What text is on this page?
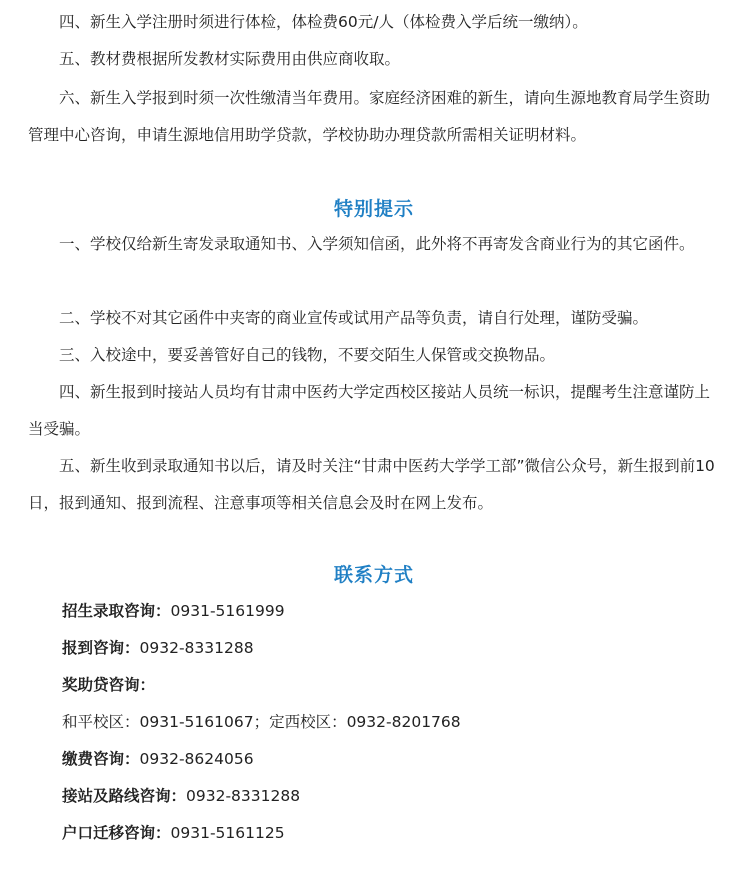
四、新生入学注册时须进行体检，体检费60元/人（体检费入学后统一缴纳）。

五、教材费根据所发教材实际费用由供应商收取。

六、新生入学报到时须一次性缴清当年费用。家庭经济困难的新生，请向生源地教育局学生资助管理中心咨询，申请生源地信用助学贷款，学校协助办理贷款所需相关证明材料。

特别提示

一、学校仅给新生寄发录取通知书、入学须知信函，此外将不再寄发含商业行为的其它函件。

二、学校不对其它函件中夹寄的商业宣传或试用产品等负责，请自行处理，谨防受骗。

三、入校途中，要妥善管好自己的钱物，不要交陌生人保管或交换物品。

四、新生报到时接站人员均有甘肃中医药大学定西校区接站人员统一标识，提醒考生注意谨防上当受骗。

五、新生收到录取通知书以后，请及时关注“甘肃中医药大学学工部”微信公众号，新生报到前10日，报到通知、报到流程、注意事项等相关信息会及时在网上发布。

联系方式

招生录取咨询：0931-5161999

报到咨询：0932-8331288

奖助贷咨询：

和平校区：0931-5161067；定西校区：0932-8201768

缴费咨询：0932-8624056

接站及路线咨询：0932-8331288

户口迁移咨询：0931-5161125
